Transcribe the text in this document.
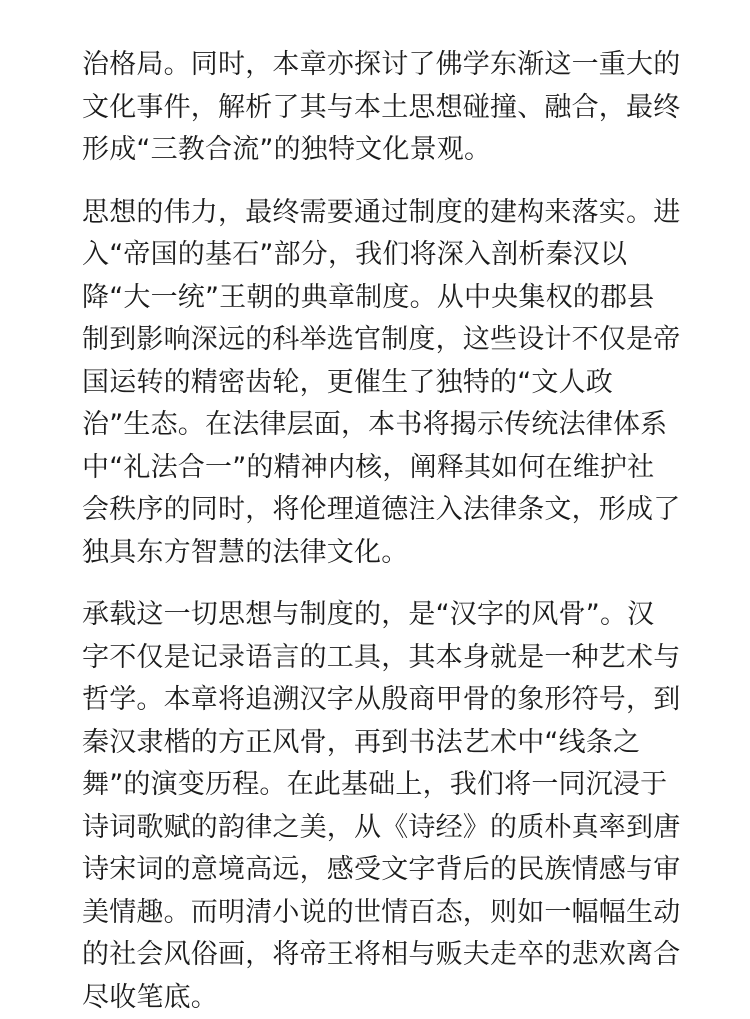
治格局。同时，本章亦探讨了佛学东渐这一重大的
文化事件，解析了其与本土思想碰撞、融合，最终
形成“三教合流”的独特文化景观。

思想的伟力，最终需要通过制度的建构来落实。进
入“帝国的基石”部分，我们将深入剖析秦汉以
降“大一统”王朝的典章制度。从中央集权的郡县
制到影响深远的科举选官制度，这些设计不仅是帝
国运转的精密齿轮，更催生了独特的“文人政
治”生态。在法律层面，本书将揭示传统法律体系
中“礼法合一”的精神内核，阐释其如何在维护社
会秩序的同时，将伦理道德注入法律条文，形成了
独具东方智慧的法律文化。

承载这一切思想与制度的，是“汉字的风骨”。汉
字不仅是记录语言的工具，其本身就是一种艺术与
哲学。本章将追溯汉字从殷商甲骨的象形符号，到
秦汉隶楷的方正风骨，再到书法艺术中“线条之
舞”的演变历程。在此基础上，我们将一同沉浸于
诗词歌赋的韵律之美，从《诗经》的质朴真率到唐
诗宋词的意境高远，感受文字背后的民族情感与审
美情趣。而明清小说的世情百态，则如一幅幅生动
的社会风俗画，将帝王将相与贩夫走卒的悲欢离合
尽收笔底。
